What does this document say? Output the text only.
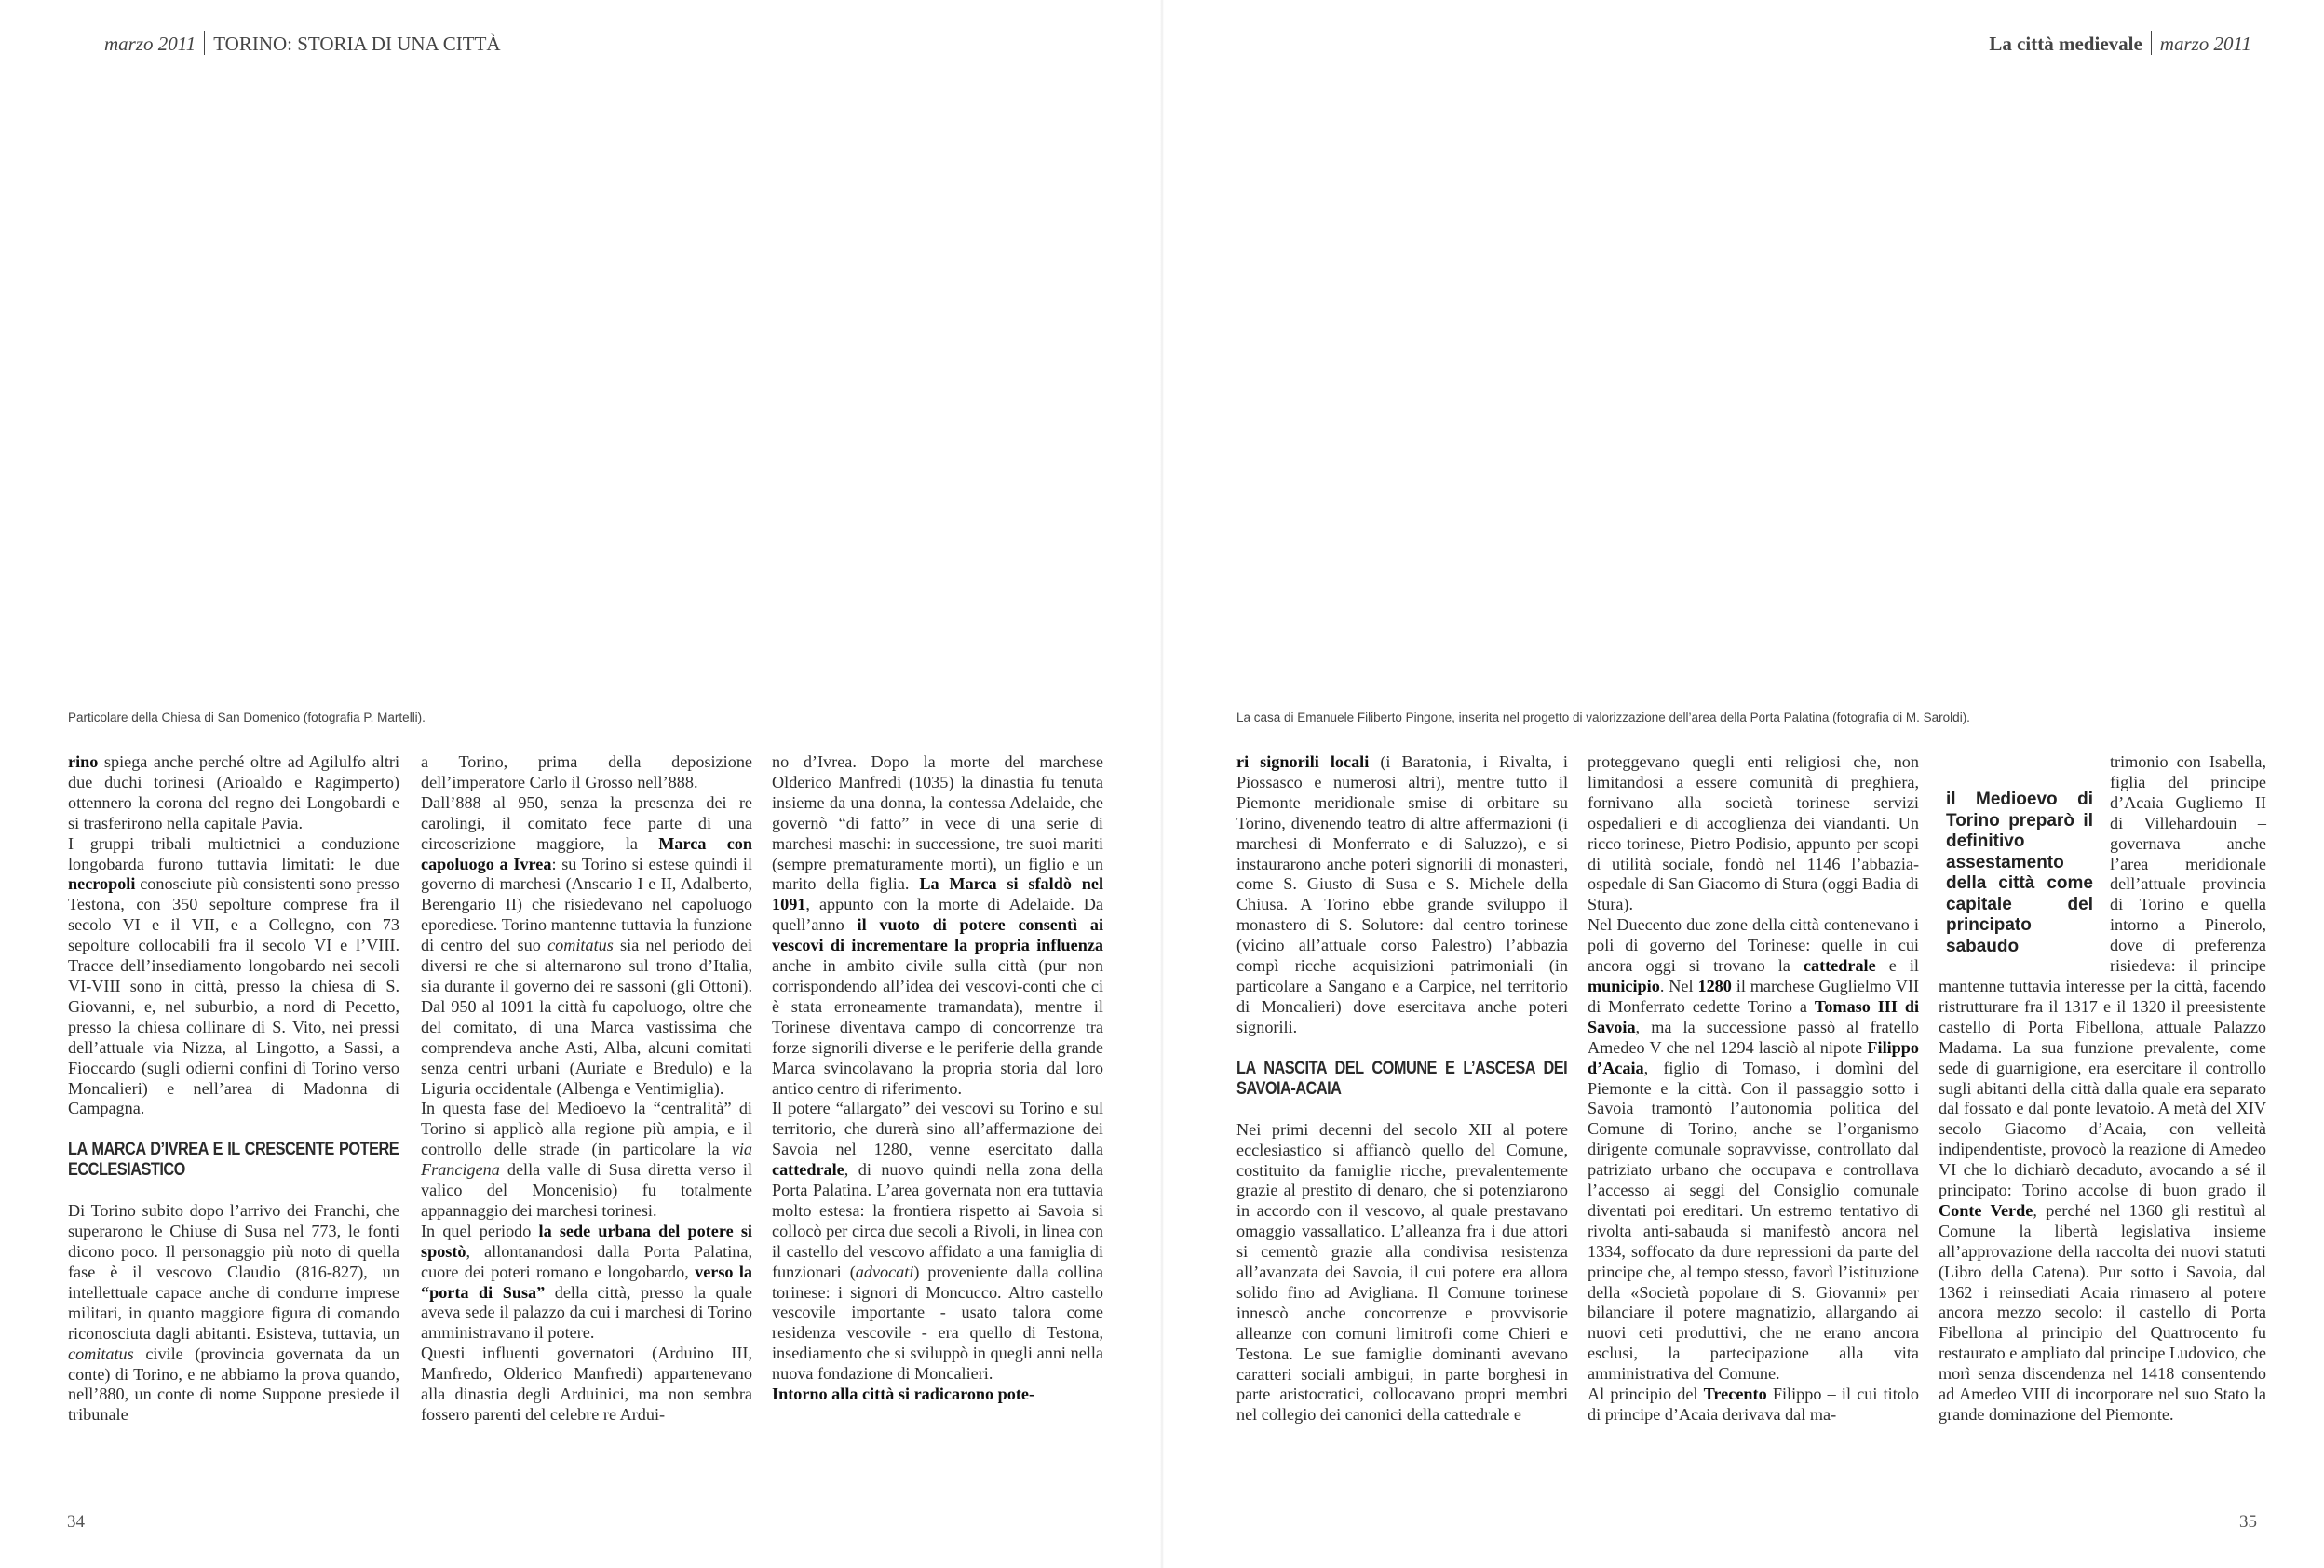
marzo 2011 TORINO: STORIA DI UNA CITTÀ
Particolare della Chiesa di San Domenico (fotografia P. Martelli).

rino spiega anche perché oltre ad Agilulfo altri due duchi torinesi (Arioaldo e Ragimperto) ottennero la corona del regno dei Longobardi e si trasferirono nella capitale Pavia.

I gruppi tribali multietnici a conduzione longobarda furono tuttavia limitati: le due necropoli conosciute più consistenti sono presso Testona, con 350 sepolture comprese fra il secolo VI e il VII, e a Collegno, con 73 sepolture collocabili fra il secolo VI e l’VIII. Tracce dell’insediamento longobardo nei secoli VI-VIII sono in città, presso la chiesa di S. Giovanni, e, nel suburbio, a nord di Pecetto, presso la chiesa collinare di S. Vito, nei pressi dell’attuale via Nizza, al Lingotto, a Sassi, a Fioccardo (sugli odierni confini di Torino verso Moncalieri) e nell’area di Madonna di Campagna.

LA MARCA D’IVREA E IL CRESCENTE POTERE ECCLESIASTICO

Di Torino subito dopo l’arrivo dei Franchi, che superarono le Chiuse di Susa nel 773, le fonti dicono poco. Il personaggio più noto di quella fase è il vescovo Claudio (816-827), un intellettuale capace anche di condurre imprese militari, in quanto maggiore figura di comando riconosciuta dagli abitanti. Esisteva, tuttavia, un comitatus civile (provincia governata da un conte) di Torino, e ne abbiamo la prova quando, nell’880, un conte di nome Suppone presiede il tribunale

a Torino, prima della deposizione dell’imperatore Carlo il Grosso nell’888.

Dall’888 al 950, senza la presenza dei re carolingi, il comitato fece parte di una circoscrizione maggiore, la Marca con capoluogo a Ivrea: su Torino si estese quindi il governo di marchesi (Anscario I e II, Adalberto, Berengario II) che risiedevano nel capoluogo eporediese. Torino mantenne tuttavia la funzione di centro del suo comitatus sia nel periodo dei diversi re che si alternarono sul trono d’Italia, sia durante il governo dei re sassoni (gli Ottoni). Dal 950 al 1091 la città fu capoluogo, oltre che del comitato, di una Marca vastissima che comprendeva anche Asti, Alba, alcuni comitati senza centri urbani (Auriate e Bredulo) e la Liguria occidentale (Albenga e Ventimiglia).

In questa fase del Medioevo la “centralità” di Torino si applicò alla regione più ampia, e il controllo delle strade (in particolare la via Francigena della valle di Susa diretta verso il valico del Moncenisio) fu totalmente appannaggio dei marchesi torinesi.

In quel periodo la sede urbana del potere si spostò, allontanandosi dalla Porta Palatina, cuore dei poteri romano e longobardo, verso la “porta di Susa” della città, presso la quale aveva sede il palazzo da cui i marchesi di Torino amministravano il potere.

Questi influenti governatori (Arduino III, Manfredo, Olderico Manfredi) appartenevano alla dinastia degli Arduinici, ma non sembra fossero parenti del celebre re Ardui-

no d’Ivrea. Dopo la morte del marchese Olderico Manfredi (1035) la dinastia fu tenuta insieme da una donna, la contessa Adelaide, che governò “di fatto” in vece di una serie di marchesi maschi: in successione, tre suoi mariti (sempre prematuramente morti), un figlio e un marito della figlia. La Marca si sfaldò nel 1091, appunto con la morte di Adelaide. Da quell’anno il vuoto di potere consentì ai vescovi di incrementare la propria influenza anche in ambito civile sulla città (pur non corrispondendo all’idea dei vescovi-conti che ci è stata erroneamente tramandata), mentre il Torinese diventava campo di concorrenze tra forze signorili diverse e le periferie della grande Marca svincolavano la propria storia dal loro antico centro di riferimento.

Il potere “allargato” dei vescovi su Torino e sul territorio, che durerà sino all’affermazione dei Savoia nel 1280, venne esercitato dalla cattedrale, di nuovo quindi nella zona della Porta Palatina. L’area governata non era tuttavia molto estesa: la frontiera rispetto ai Savoia si collocò per circa due secoli a Rivoli, in linea con il castello del vescovo affidato a una famiglia di funzionari (advocati) proveniente dalla collina torinese: i signori di Moncucco. Altro castello vescovile importante - usato talora come residenza vescovile - era quello di Testona, insediamento che si sviluppò in quegli anni nella nuova fondazione di Moncalieri.

Intorno alla città si radicarono pote-

34
La città medievale marzo 2011
La casa di Emanuele Filiberto Pingone, inserita nel progetto di valorizzazione dell’area della Porta Palatina (fotografia di M. Saroldi).

ri signorili locali (i Baratonia, i Rivalta, i Piossasco e numerosi altri), mentre tutto il Piemonte meridionale smise di orbitare su Torino, divenendo teatro di altre affermazioni (i marchesi di Monferrato e di Saluzzo), e si instaurarono anche poteri signorili di monasteri, come S. Giusto di Susa e S. Michele della Chiusa. A Torino ebbe grande sviluppo il monastero di S. Solutore: dal centro torinese (vicino all’attuale corso Palestro) l’abbazia compì ricche acquisizioni patrimoniali (in particolare a Sangano e a Carpice, nel territorio di Moncalieri) dove esercitava anche poteri signorili.

LA NASCITA DEL COMUNE E L’ASCESA DEI SAVOIA-ACAIA

Nei primi decenni del secolo XII al potere ecclesiastico si affiancò quello del Comune, costituito da famiglie ricche, prevalentemente grazie al prestito di denaro, che si potenziarono in accordo con il vescovo, al quale prestavano omaggio vassallatico. L’alleanza fra i due attori si cementò grazie alla condivisa resistenza all’avanzata dei Savoia, il cui potere era allora solido fino ad Avigliana. Il Comune torinese innescò anche concorrenze e provvisorie alleanze con comuni limitrofi come Chieri e Testona. Le sue famiglie dominanti avevano caratteri sociali ambigui, in parte borghesi in parte aristocratici, collocavano propri membri nel collegio dei canonici della cattedrale e

proteggevano quegli enti religiosi che, non limitandosi a essere comunità di preghiera, fornivano alla società torinese servizi ospedalieri e di accoglienza dei viandanti. Un ricco torinese, Pietro Podisio, appunto per scopi di utilità sociale, fondò nel 1146 l’abbazia-ospedale di San Giacomo di Stura (oggi Badia di Stura).

Nel Duecento due zone della città contenevano i poli di governo del Torinese: quelle in cui ancora oggi si trovano la cattedrale e il municipio. Nel 1280 il marchese Guglielmo VII di Monferrato cedette Torino a Tomaso III di Savoia, ma la successione passò al fratello Amedeo V che nel 1294 lasciò al nipote Filippo d’Acaia, figlio di Tomaso, i domìni del Piemonte e la città. Con il passaggio sotto i Savoia tramontò l’autonomia politica del Comune di Torino, anche se l’organismo dirigente comunale sopravvisse, controllato dal patriziato urbano che occupava e controllava l’accesso ai seggi del Consiglio comunale diventati poi ereditari. Un estremo tentativo di rivolta anti-sabauda si manifestò ancora nel 1334, soffocato da dure repressioni da parte del principe che, al tempo stesso, favorì l’istituzione della «Società popolare di S. Giovanni» per bilanciare il potere magnatizio, allargando ai nuovi ceti produttivi, che ne erano ancora esclusi, la partecipazione alla vita amministrativa del Comune.

Al principio del Trecento Filippo – il cui titolo di principe d’Acaia derivava dal ma-

il Medioevo di Torino preparò il definitivo assestamento della città come capitale del principato sabaudo

trimonio con Isabella, figlia del principe d’Acaia Gugliemo II di Villehardouin – governava anche l’area meridionale dell’attuale provincia di Torino e quella intorno a Pinerolo, dove di preferenza risiedeva: il principe mantenne tuttavia interesse per la città, facendo ristrutturare fra il 1317 e il 1320 il preesistente castello di Porta Fibellona, attuale Palazzo Madama. La sua funzione prevalente, come sede di guarnigione, era esercitare il controllo sugli abitanti della città dalla quale era separato dal fossato e dal ponte levatoio. A metà del XIV secolo Giacomo d’Acaia, con velleità indipendentiste, provocò la reazione di Amedeo VI che lo dichiarò decaduto, avocando a sé il principato: Torino accolse di buon grado il Conte Verde, perché nel 1360 gli restituì al Comune la libertà legislativa insieme all’approvazione della raccolta dei nuovi statuti (Libro della Catena). Pur sotto i Savoia, dal 1362 i reinsediati Acaia rimasero al potere ancora mezzo secolo: il castello di Porta Fibellona al principio del Quattrocento fu restaurato e ampliato dal principe Ludovico, che morì senza discendenza nel 1418 consentendo ad Amedeo VIII di incorporare nel suo Stato la grande dominazione del Piemonte.

35
